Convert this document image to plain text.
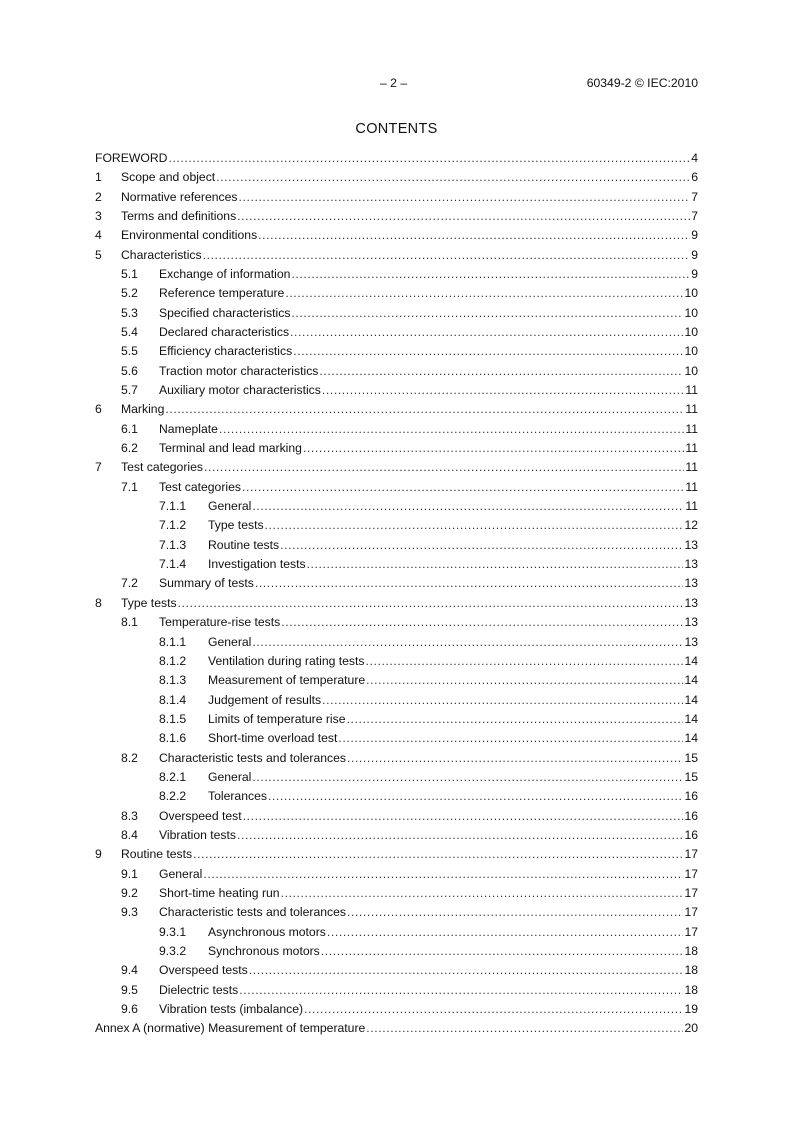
– 2 –	60349-2 © IEC:2010
CONTENTS
FOREWORD .....	4
1	Scope and object .....	6
2	Normative references .....	7
3	Terms and definitions .....	7
4	Environmental conditions .....	9
5	Characteristics .....	9
5.1	Exchange of information .....	9
5.2	Reference temperature .....	10
5.3	Specified characteristics .....	10
5.4	Declared characteristics .....	10
5.5	Efficiency characteristics .....	10
5.6	Traction motor characteristics .....	10
5.7	Auxiliary motor characteristics .....	11
6	Marking .....	11
6.1	Nameplate .....	11
6.2	Terminal and lead marking .....	11
7	Test categories .....	11
7.1	Test categories .....	11
7.1.1	General .....	11
7.1.2	Type tests .....	12
7.1.3	Routine tests .....	13
7.1.4	Investigation tests .....	13
7.2	Summary of tests .....	13
8	Type tests .....	13
8.1	Temperature-rise tests .....	13
8.1.1	General .....	13
8.1.2	Ventilation during rating tests .....	14
8.1.3	Measurement of temperature .....	14
8.1.4	Judgement of results .....	14
8.1.5	Limits of temperature rise .....	14
8.1.6	Short-time overload test .....	14
8.2	Characteristic tests and tolerances .....	15
8.2.1	General .....	15
8.2.2	Tolerances .....	16
8.3	Overspeed test .....	16
8.4	Vibration tests .....	16
9	Routine tests .....	17
9.1	General .....	17
9.2	Short-time heating run .....	17
9.3	Characteristic tests and tolerances .....	17
9.3.1	Asynchronous motors .....	17
9.3.2	Synchronous motors .....	18
9.4	Overspeed tests .....	18
9.5	Dielectric tests .....	18
9.6	Vibration tests (imbalance) .....	19
Annex A (normative) Measurement of temperature .....	20
